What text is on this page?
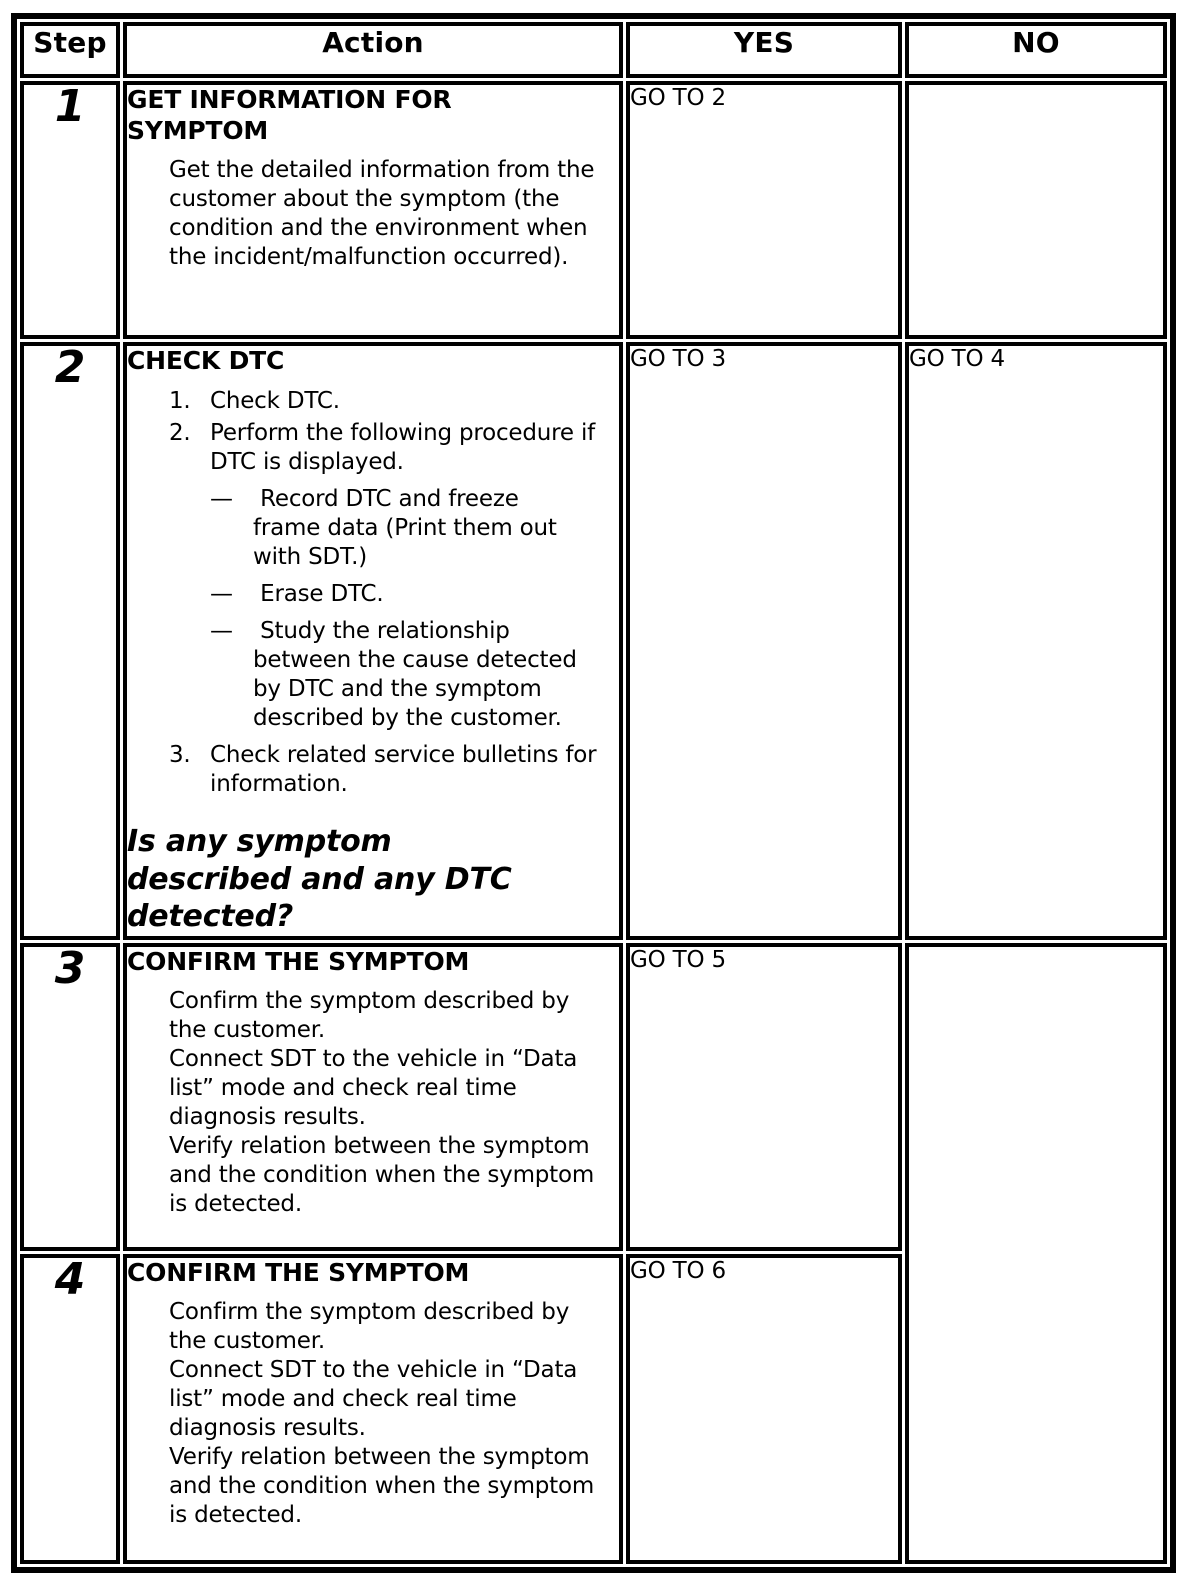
Step	Action	YES	NO
1	GET INFORMATION FOR SYMPTOM
Get the detailed information from the customer about the symptom (the condition and the environment when the incident/malfunction occurred).	GO TO 2	
2	CHECK DTC
1. Check DTC.
2. Perform the following procedure if DTC is displayed.
—	Record DTC and freeze frame data (Print them out with SDT.)
—	Erase DTC.
—	Study the relationship between the cause detected by DTC and the symptom described by the customer.
3. Check related service bulletins for information.
Is any symptom described and any DTC detected?
	GO TO 3	GO TO 4
3	CONFIRM THE SYMPTOM
Confirm the symptom described by the customer.
Connect SDT to the vehicle in “Data list” mode and check real time diagnosis results.
Verify relation between the symptom and the condition when the symptom is detected.	GO TO 5	
4	CONFIRM THE SYMPTOM
Confirm the symptom described by the customer.
Connect SDT to the vehicle in “Data list” mode and check real time diagnosis results.
Verify relation between the symptom and the condition when the symptom is detected.	GO TO 6	
